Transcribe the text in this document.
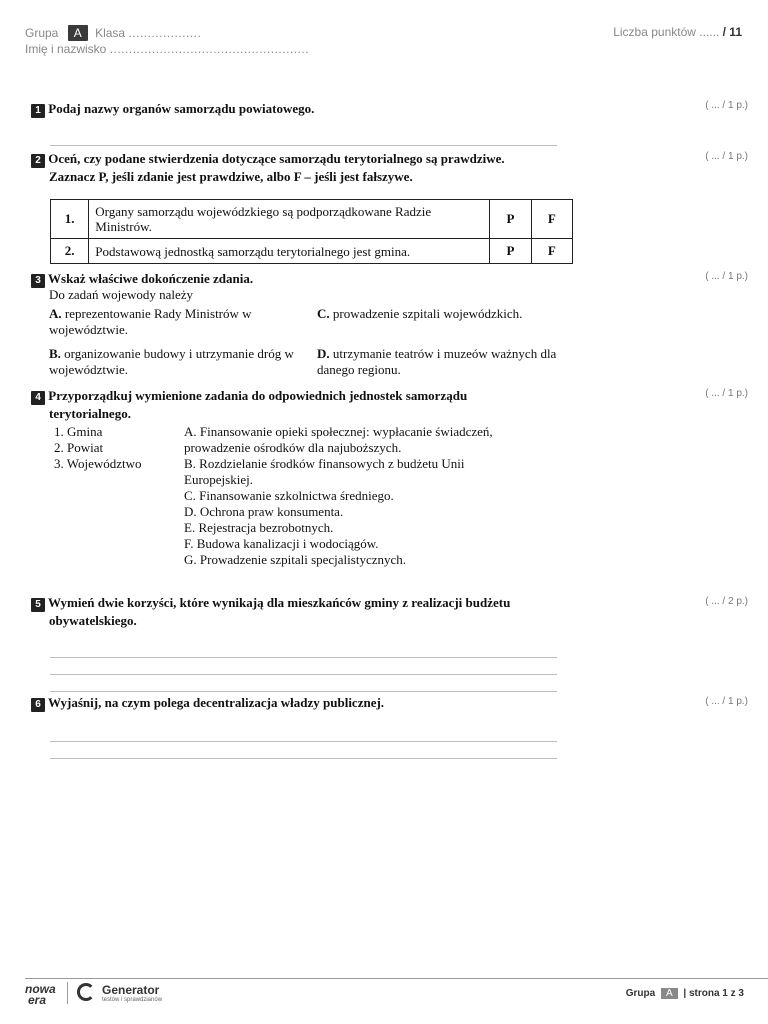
Grupa A Klasa ...................
Imię i nazwisko ....................................................
Liczba punktów ...... / 11
1 Podaj nazwy organów samorządu powiatowego.	( ... / 1 p.)
2 Oceń, czy podane stwierdzenia dotyczące samorządu terytorialnego są prawdziwe.
Zaznacz P, jeśli zdanie jest prawdziwe, albo F – jeśli jest fałszywe.
( ... / 1 p.)
1.	Organy samorządu wojewódzkiego są podporządkowane Radzie Ministrów.	P	F
2.	Podstawową jednostką samorządu terytorialnego jest gmina.	P	F
3 Wskaż właściwe dokończenie zdania.	( ... / 1 p.)
Do zadań wojewody należy
A. reprezentowanie Rady Ministrów w województwie.
C. prowadzenie szpitali wojewódzkich.
B. organizowanie budowy i utrzymanie dróg w województwie.
D. utrzymanie teatrów i muzeów ważnych dla danego regionu.
4 Przyporządkuj wymienione zadania do odpowiednich jednostek samorządu
terytorialnego.
( ... / 1 p.)
1. Gmina
2. Powiat
3. Województwo
A. Finansowanie opieki społecznej: wypłacanie świadczeń, prowadzenie ośrodków dla najuboższych.
B. Rozdzielanie środków finansowych z budżetu Unii Europejskiej.
C. Finansowanie szkolnictwa średniego.
D. Ochrona praw konsumenta.
E. Rejestracja bezrobotnych.
F. Budowa kanalizacji i wodociągów.
G. Prowadzenie szpitali specjalistycznych.
5 Wymień dwie korzyści, które wynikają dla mieszkańców gminy z realizacji budżetu
obywatelskiego.
( ... / 2 p.)
6 Wyjaśnij, na czym polega decentralizacja władzy publicznej.	( ... / 1 p.)
nowa
era

Generator
testów i sprawdzianów
Grupa A | strona 1 z 3
